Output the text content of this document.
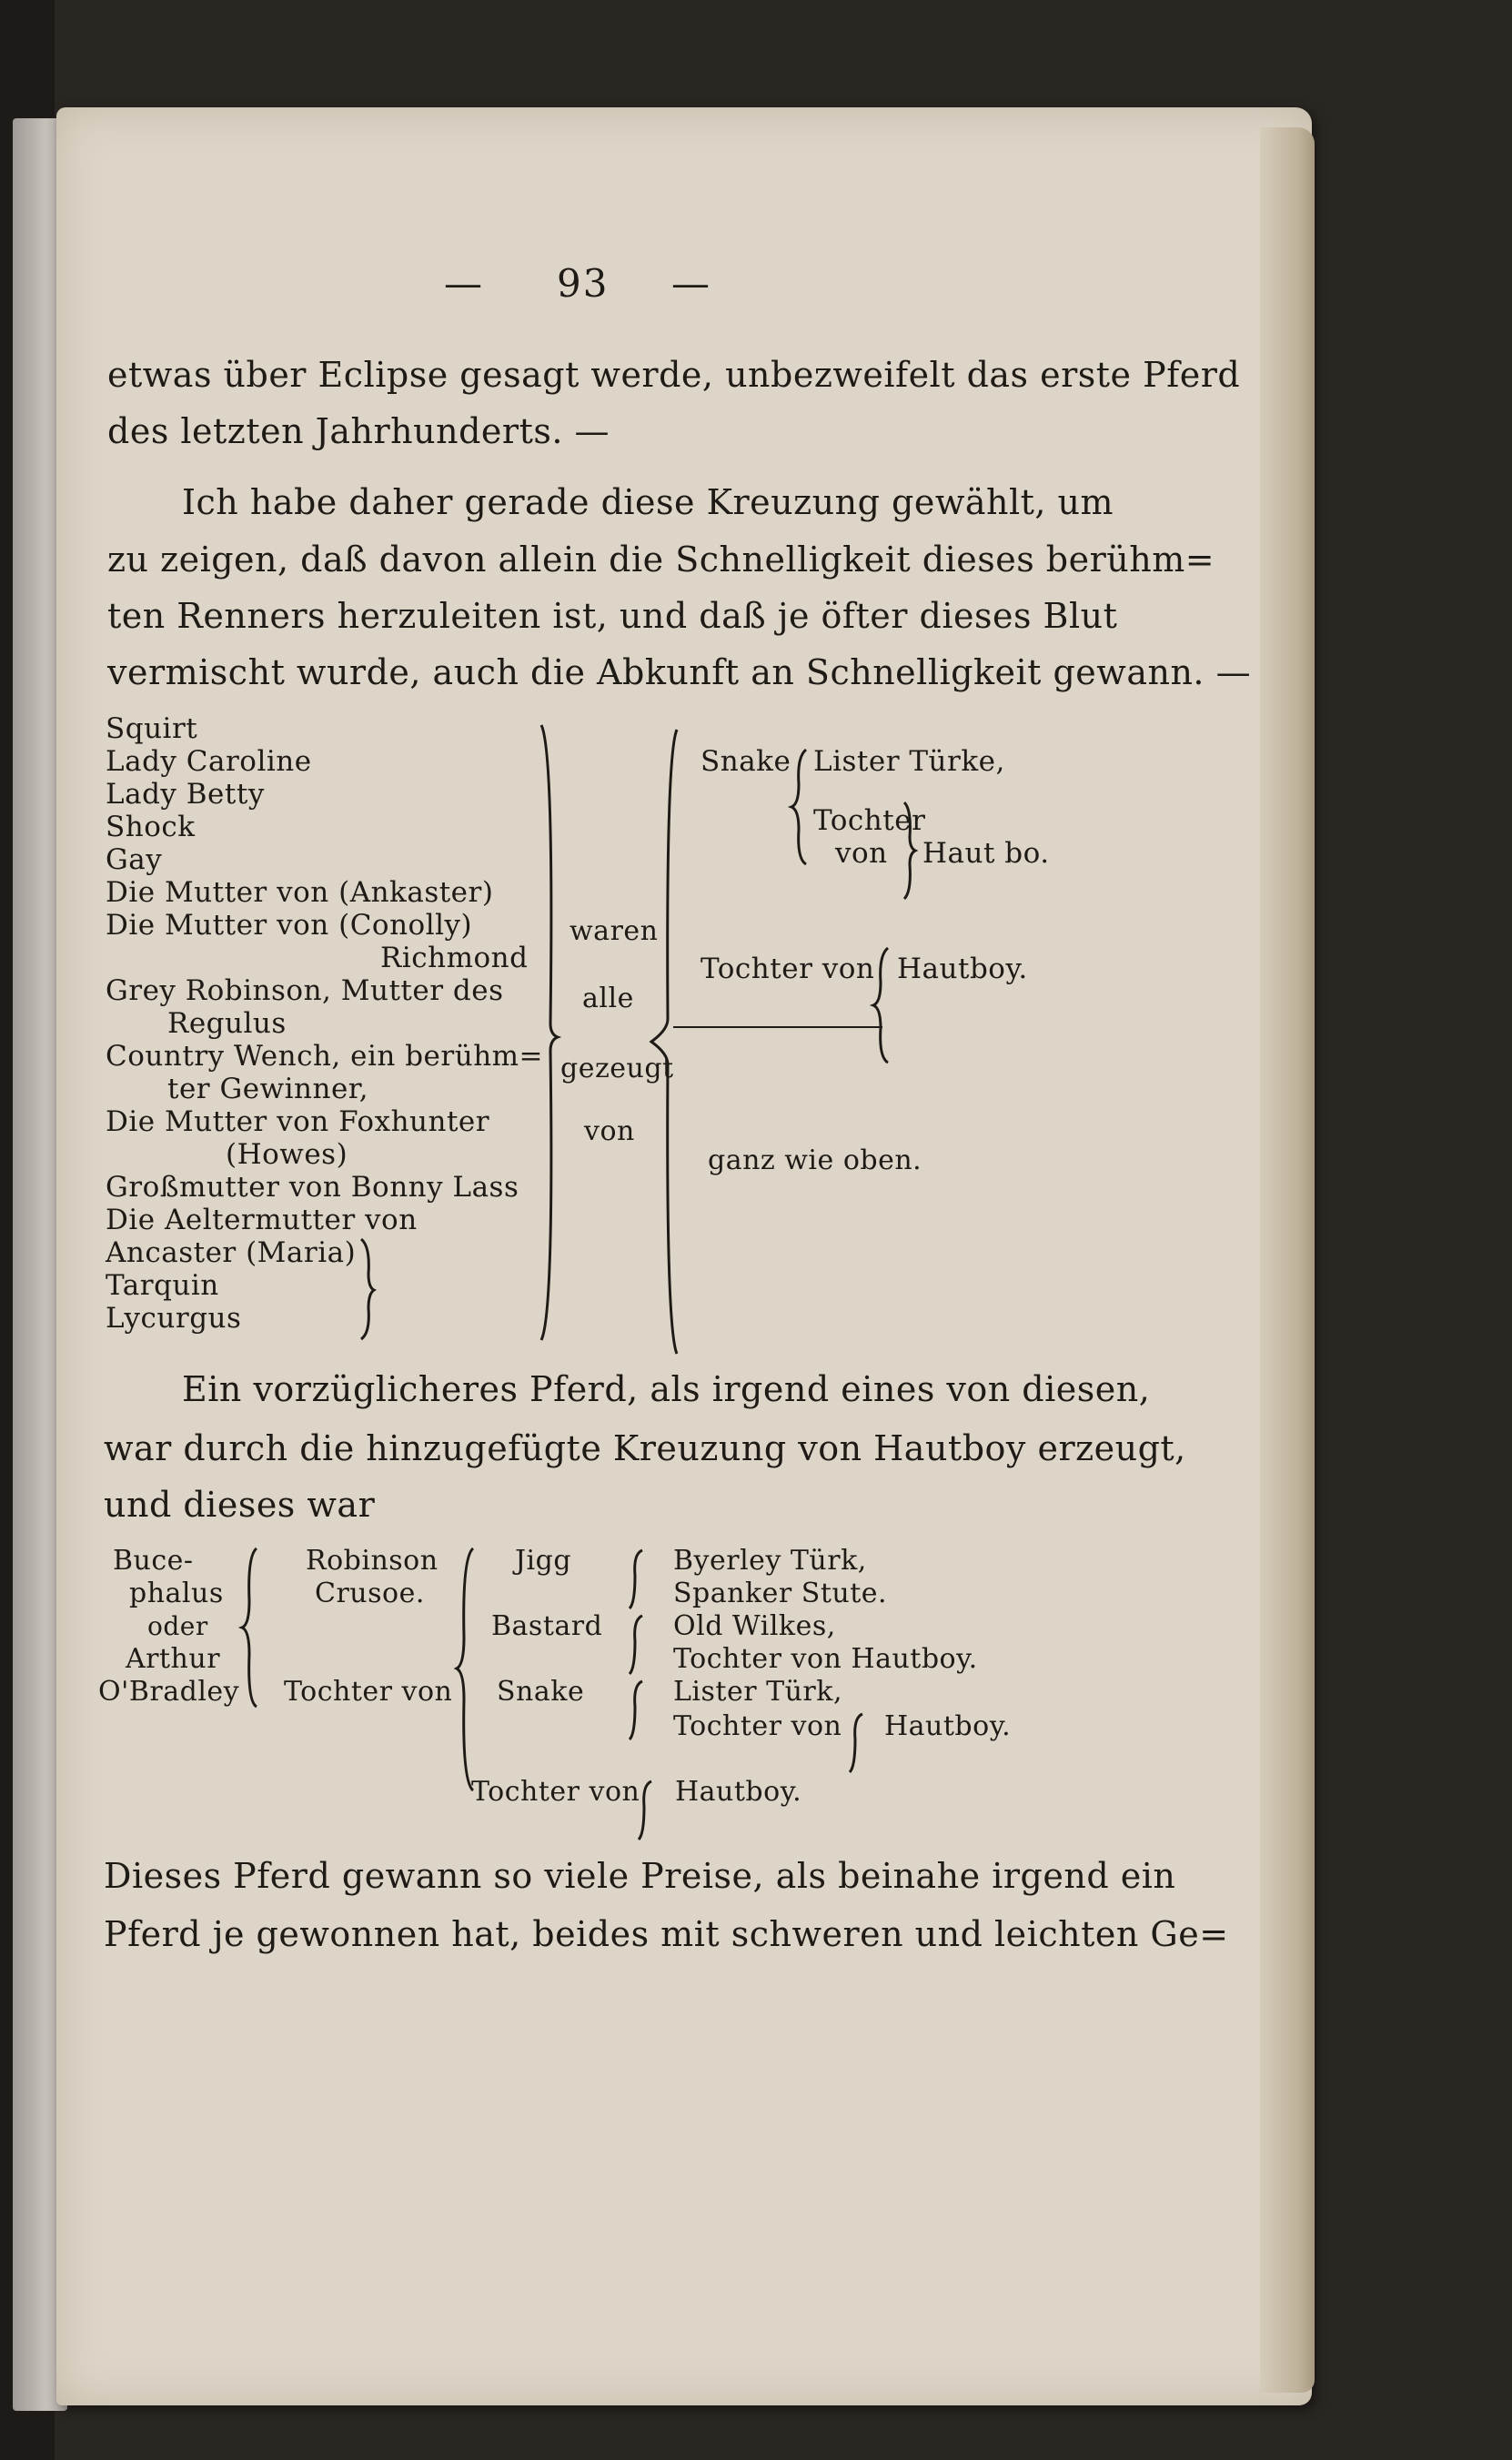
— 93 —
etwas über Eclipse gesagt werde, unbezweifelt das erste Pferd
des letzten Jahrhunderts. —
Ich habe daher gerade diese Kreuzung gewählt, um
zu zeigen, daß davon allein die Schnelligkeit dieses berühm=
ten Renners herzuleiten ist, und daß je öfter dieses Blut
vermischt wurde, auch die Abkunft an Schnelligkeit gewann. —
Squirt
Lady Caroline
Lady Betty
Shock
Gay
Die Mutter von (Ankaster)
Die Mutter von (Conolly)
Richmond
Grey Robinson, Mutter des
Regulus
Country Wench, ein berühm=
ter Gewinner,
Die Mutter von Foxhunter
(Howes)
Großmutter von Bonny Lass
Die Aeltermutter von
Ancaster (Maria)
Tarquin
Lycurgus
waren
alle
gezeugt
von
Snake Lister Türke,
Tochter
von Haut bo.
Tochter von Hautboy.
ganz wie oben.
Ein vorzüglicheres Pferd, als irgend eines von diesen,
war durch die hinzugefügte Kreuzung von Hautboy erzeugt,
und dieses war
Buce-
phalus
oder
Arthur
O'Bradley
Robinson
Crusoe.
Tochter von
Jigg
Bastard
Snake
Tochter von
Byerley Türk,
Spanker Stute.
Old Wilkes,
Tochter von Hautboy.
Lister Türk,
Tochter von Hautboy.
Hautboy.
Dieses Pferd gewann so viele Preise, als beinahe irgend ein
Pferd je gewonnen hat, beides mit schweren und leichten Ge=
